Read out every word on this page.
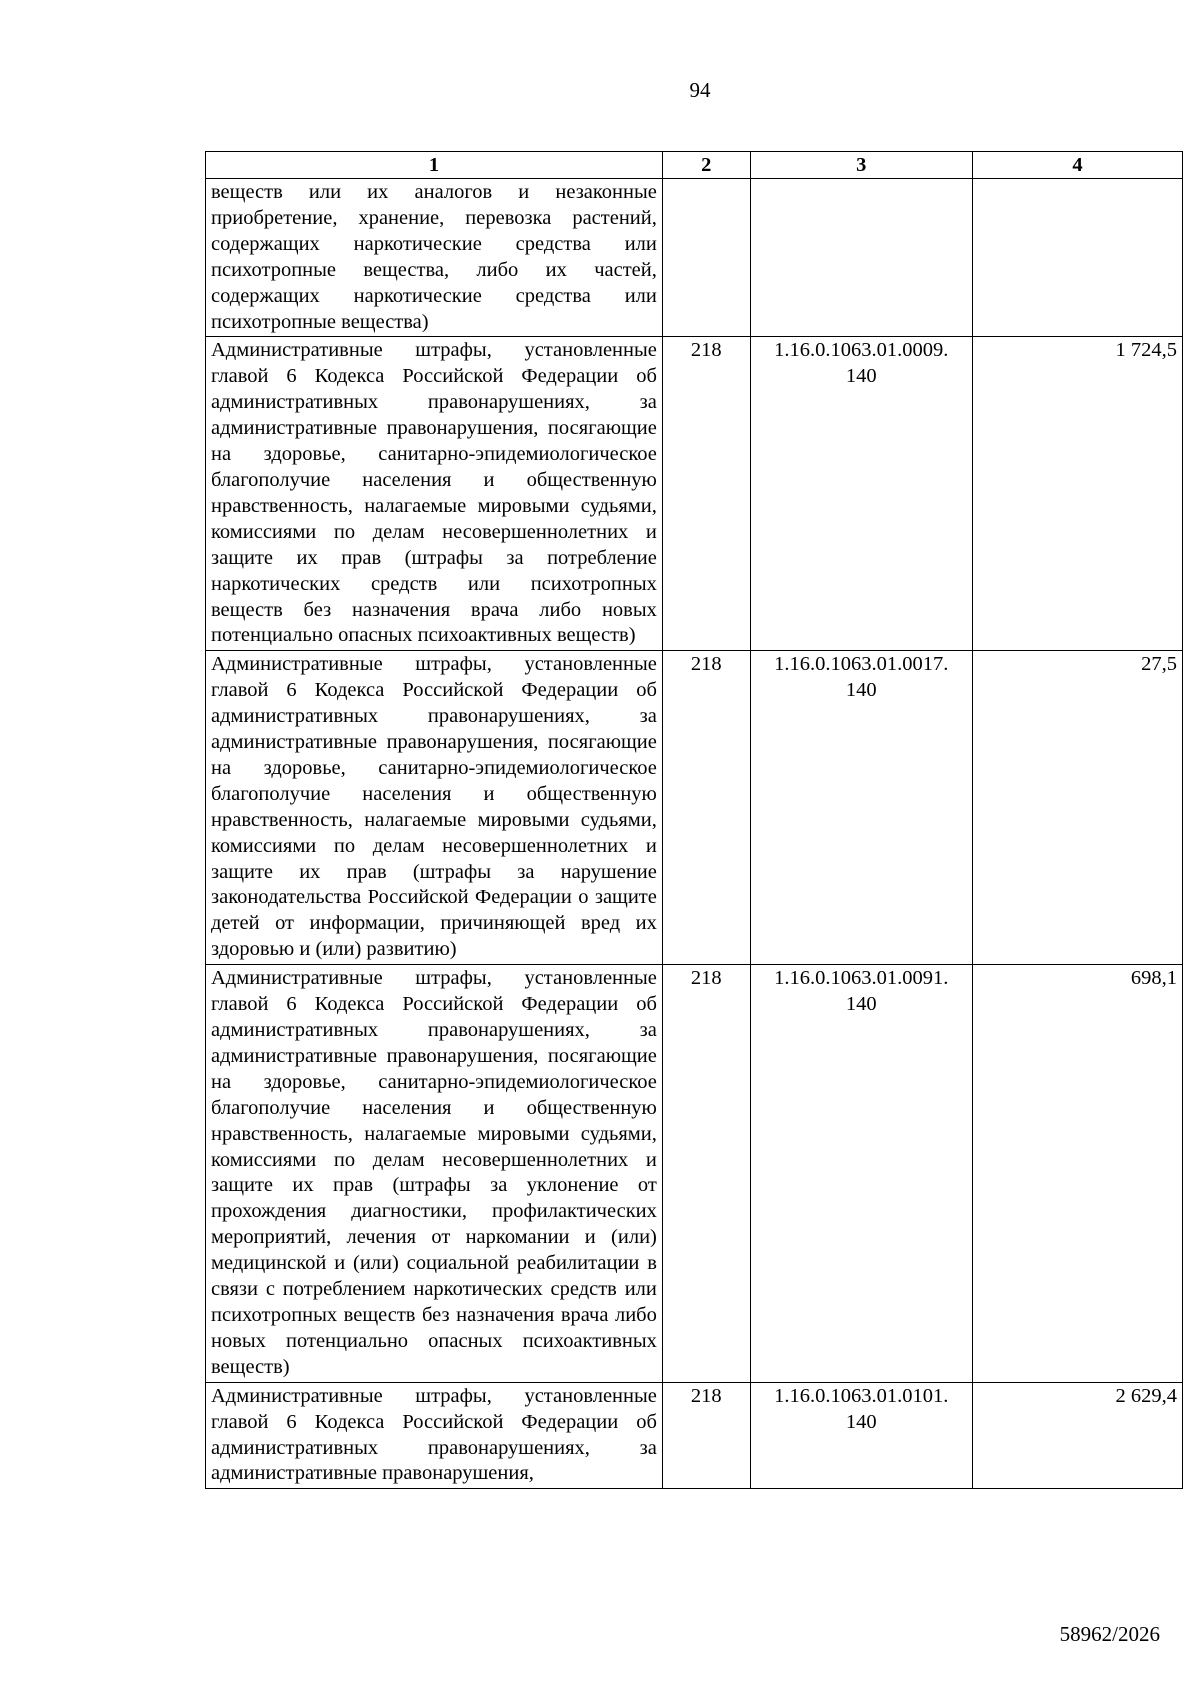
94
1	2	3	4
веществ или их аналогов и незаконные приобретение, хранение, перевозка растений, содержащих наркотические средства или психотропные вещества, либо их частей, содержащих наркотические средства или психотропные вещества)			
Административные штрафы, установленные главой 6 Кодекса Российской Федерации об административных правонарушениях, за административные правонарушения, посягающие на здоровье, санитарно-эпидемиологическое благополучие населения и общественную нравственность, налагаемые мировыми судьями, комиссиями по делам несовершеннолетних и защите их прав (штрафы за потребление наркотических средств или психотропных веществ без назначения врача либо новых потенциально опасных психоактивных веществ)	218	1.16.0.1063.01.0009. 140	1 724,5
Административные штрафы, установленные главой 6 Кодекса Российской Федерации об административных правонарушениях, за административные правонарушения, посягающие на здоровье, санитарно-эпидемиологическое благополучие населения и общественную нравственность, налагаемые мировыми судьями, комиссиями по делам несовершеннолетних и защите их прав (штрафы за нарушение законодательства Российской Федерации о защите детей от информации, причиняющей вред их здоровью и (или) развитию)	218	1.16.0.1063.01.0017. 140	27,5
Административные штрафы, установленные главой 6 Кодекса Российской Федерации об административных правонарушениях, за административные правонарушения, посягающие на здоровье, санитарно-эпидемиологическое благополучие населения и общественную нравственность, налагаемые мировыми судьями, комиссиями по делам несовершеннолетних и защите их прав (штрафы за уклонение от прохождения диагностики, профилактических мероприятий, лечения от наркомании и (или) медицинской и (или) социальной реабилитации в связи с потреблением наркотических средств или психотропных веществ без назначения врача либо новых потенциально опасных психоактивных веществ)	218	1.16.0.1063.01.0091. 140	698,1
Административные штрафы, установленные главой 6 Кодекса Российской Федерации об административных правонарушениях, за административные правонарушения,	218	1.16.0.1063.01.0101. 140	2 629,4
58962/2026
